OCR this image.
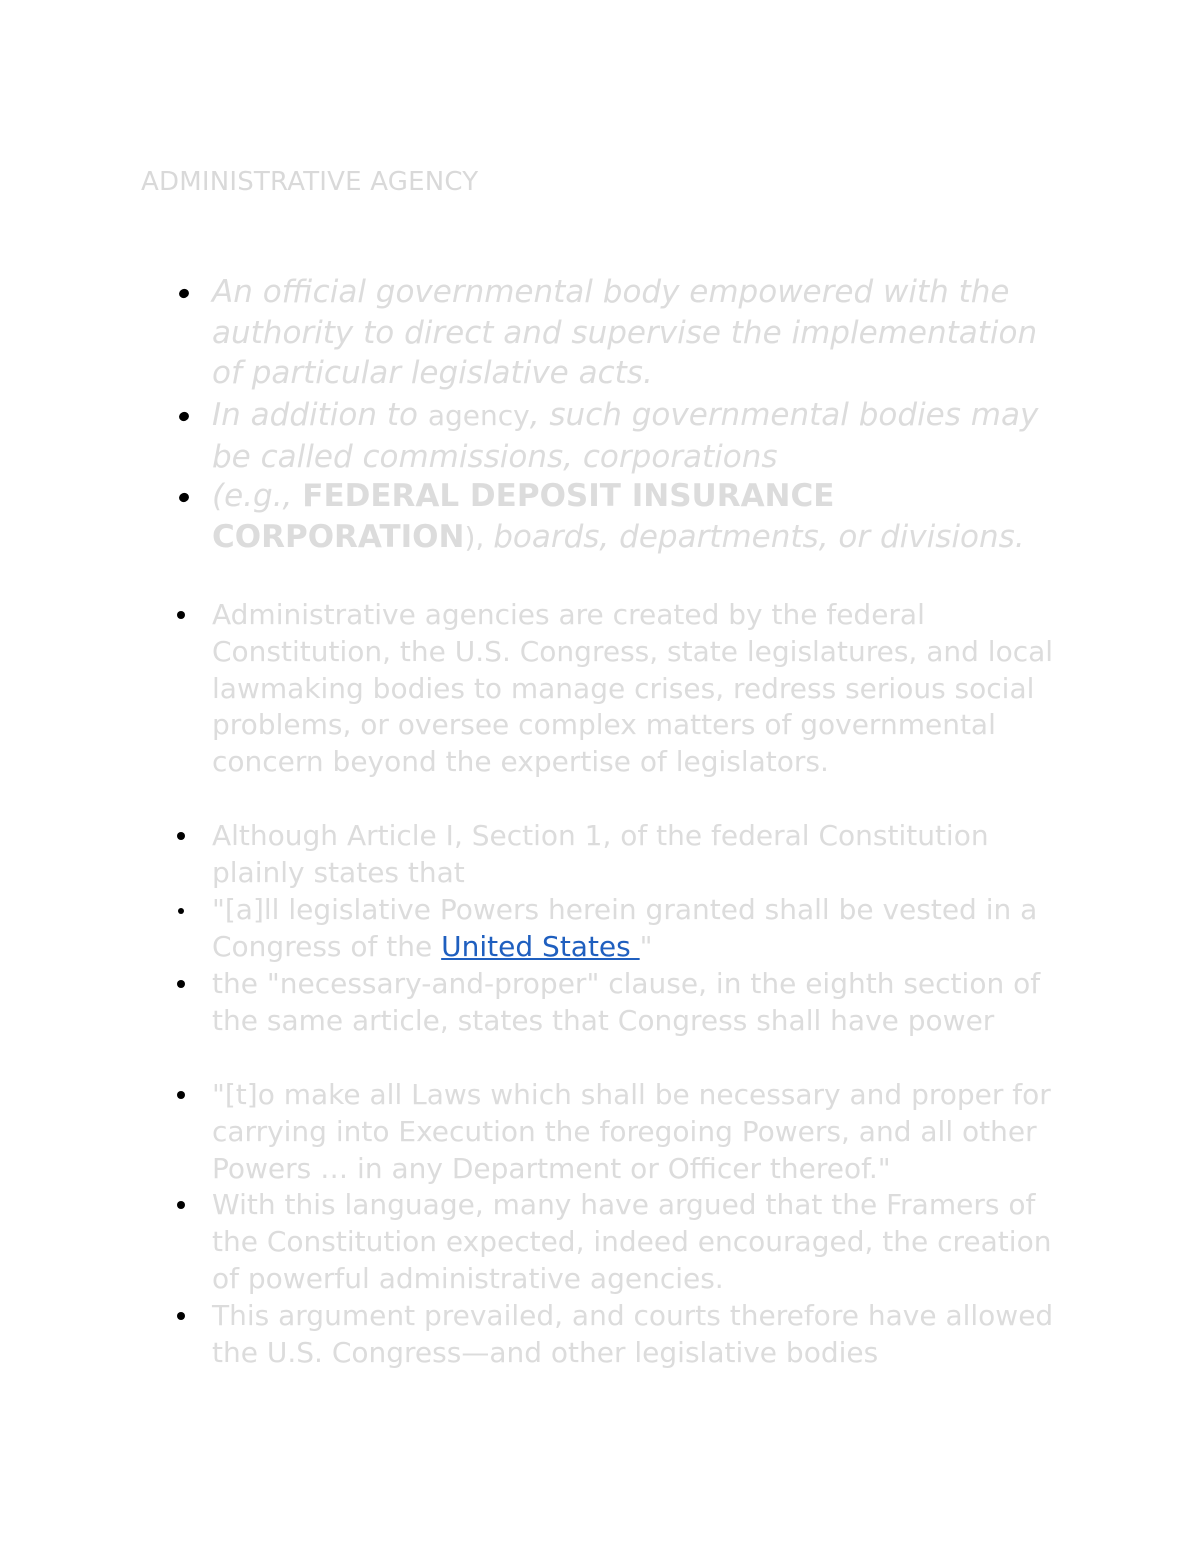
ADMINISTRATIVE AGENCY
An official governmental body empowered with the authority to direct and supervise the implementation of particular legislative acts.
In addition to agency, such governmental bodies may be called commissions, corporations
(e.g., FEDERAL DEPOSIT INSURANCE CORPORATION), boards, departments, or divisions.
Administrative agencies are created by the federal Constitution, the U.S. Congress, state legislatures, and local lawmaking bodies to manage crises, redress serious social problems, or oversee complex matters of governmental concern beyond the expertise of legislators.
Although Article I, Section 1, of the federal Constitution plainly states that
"[a]ll legislative Powers herein granted shall be vested in a Congress of the United States "
the "necessary-and-proper" clause, in the eighth section of the same article, states that Congress shall have power
"[t]o make all Laws which shall be necessary and proper for carrying into Execution the foregoing Powers, and all other Powers … in any Department or Officer thereof."
With this language, many have argued that the Framers of the Constitution expected, indeed encouraged, the creation of powerful administrative agencies.
This argument prevailed, and courts therefore have allowed the U.S. Congress—and other legislative bodies
